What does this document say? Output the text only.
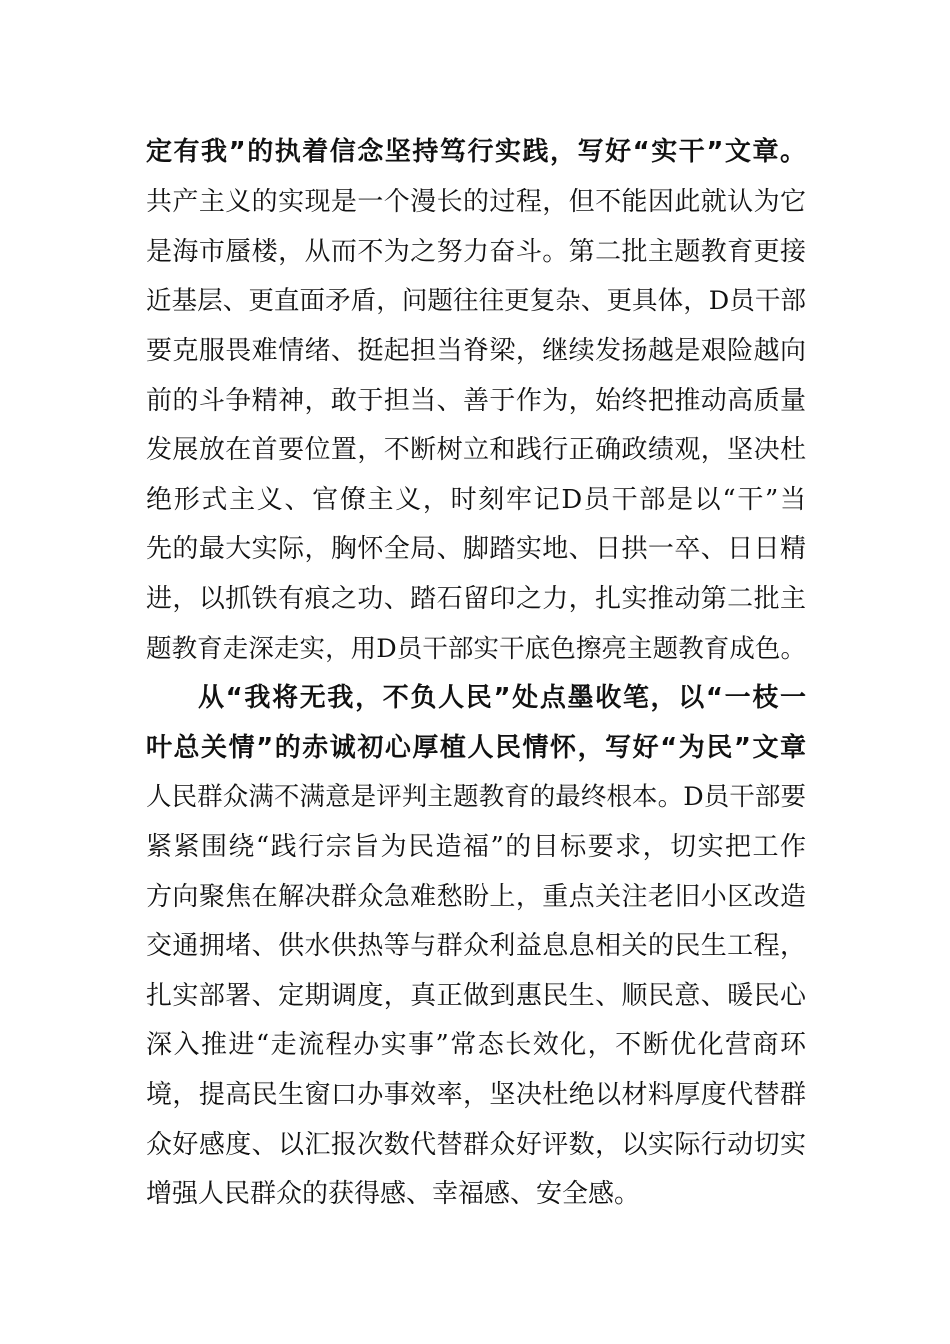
定有我”的执着信念坚持笃行实践，写好“实干”文章。
共产主义的实现是一个漫长的过程，但不能因此就认为它
是海市蜃楼，从而不为之努力奋斗。第二批主题教育更接
近基层、更直面矛盾，问题往往更复杂、更具体，D员干部
要克服畏难情绪、挺起担当脊梁，继续发扬越是艰险越向
前的斗争精神，敢于担当、善于作为，始终把推动高质量
发展放在首要位置，不断树立和践行正确政绩观，坚决杜
绝形式主义、官僚主义，时刻牢记D员干部是以“干”当
先的最大实际，胸怀全局、脚踏实地、日拱一卒、日日精
进，以抓铁有痕之功、踏石留印之力，扎实推动第二批主
题教育走深走实，用D员干部实干底色擦亮主题教育成色。
从“我将无我，不负人民”处点墨收笔，以“一枝一
叶总关情”的赤诚初心厚植人民情怀，写好“为民”文章
人民群众满不满意是评判主题教育的最终根本。D员干部要
紧紧围绕“践行宗旨为民造福”的目标要求，切实把工作
方向聚焦在解决群众急难愁盼上，重点关注老旧小区改造
交通拥堵、供水供热等与群众利益息息相关的民生工程，
扎实部署、定期调度，真正做到惠民生、顺民意、暖民心
深入推进“走流程办实事”常态长效化，不断优化营商环
境，提高民生窗口办事效率，坚决杜绝以材料厚度代替群
众好感度、以汇报次数代替群众好评数，以实际行动切实
增强人民群众的获得感、幸福感、安全感。
